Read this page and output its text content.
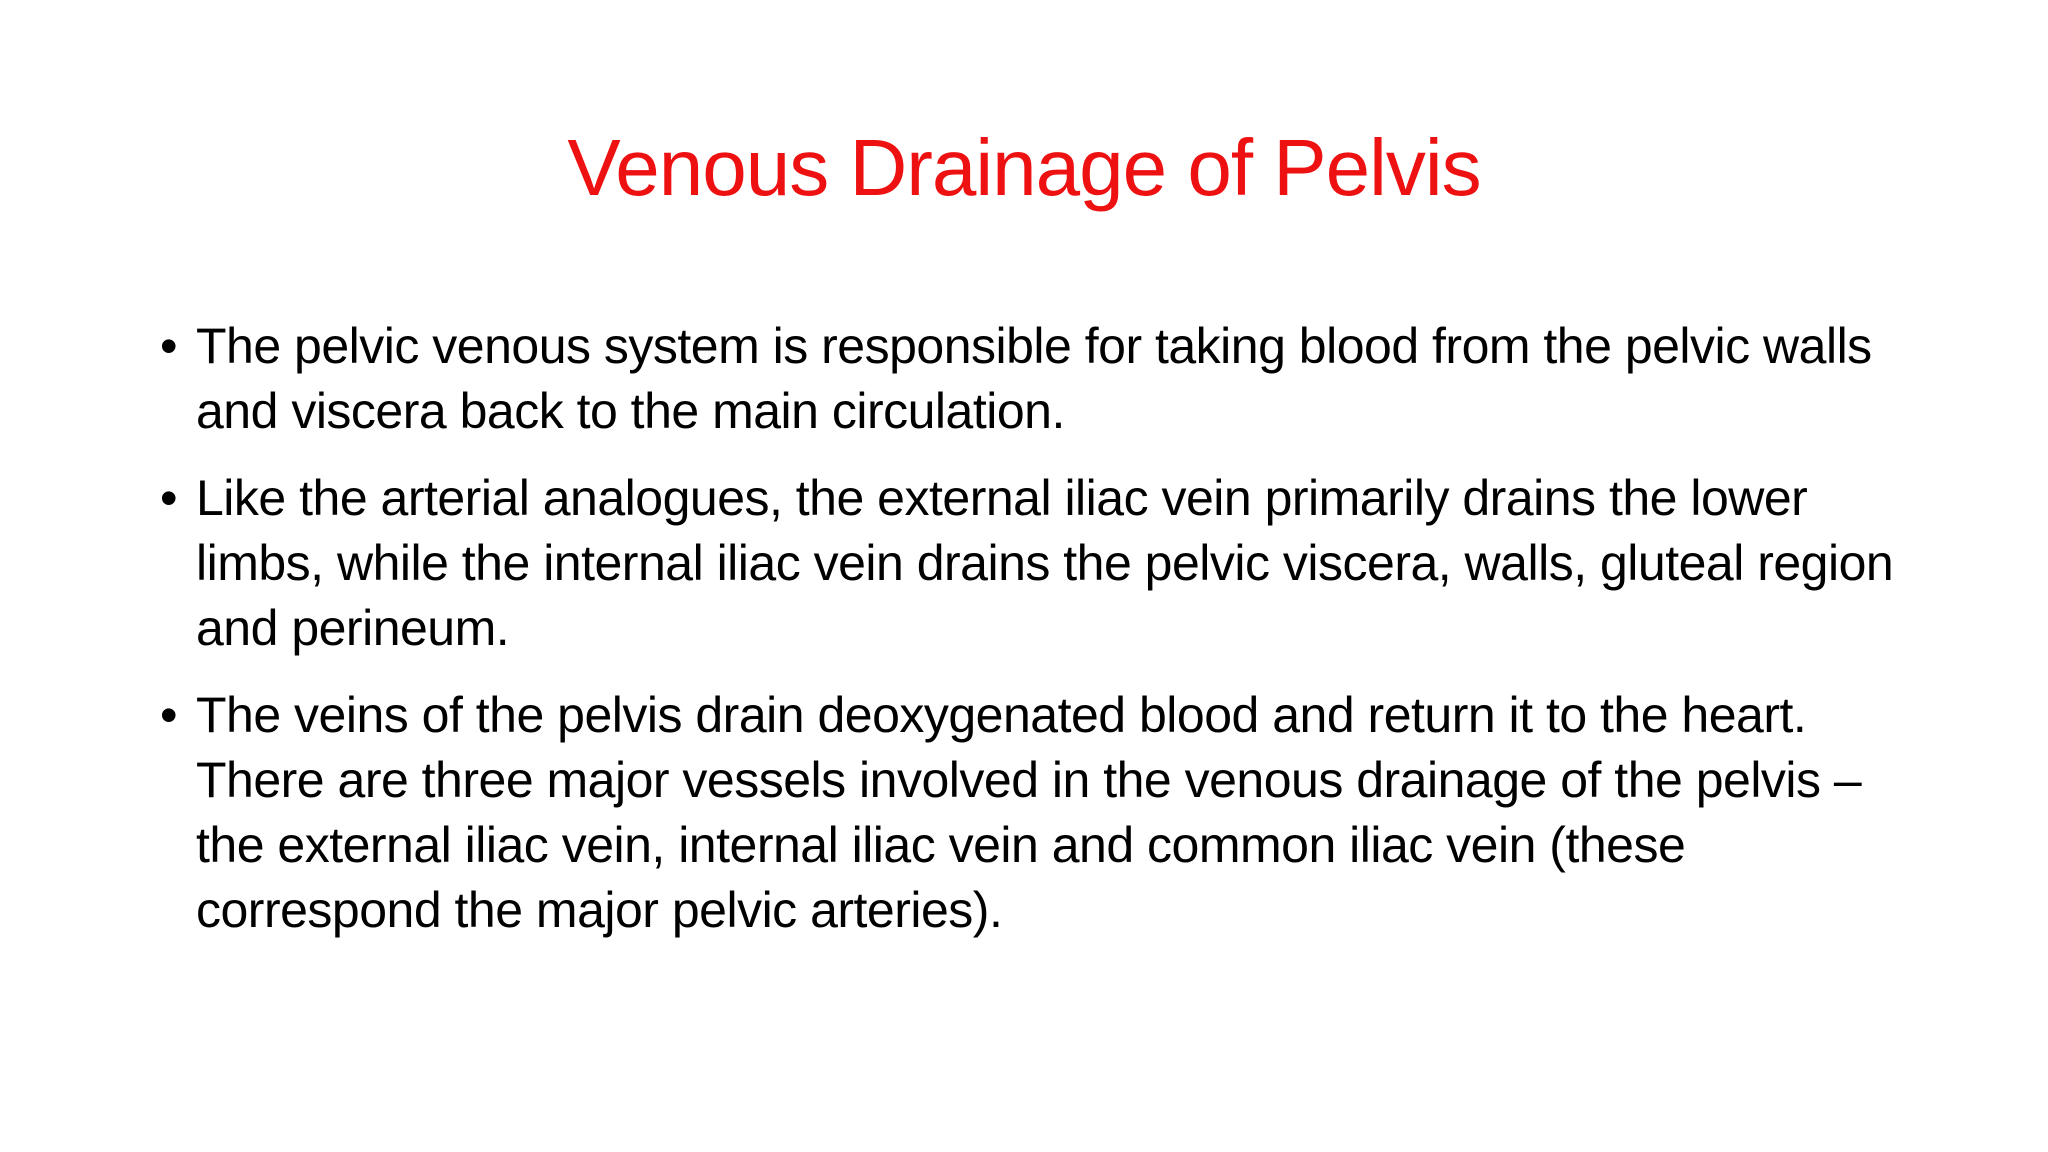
Venous Drainage of Pelvis
• The pelvic venous system is responsible for taking blood from the pelvic walls and viscera back to the main circulation.
• Like the arterial analogues, the external iliac vein primarily drains the lower limbs, while the internal iliac vein drains the pelvic viscera, walls, gluteal region and perineum.
• The veins of the pelvis drain deoxygenated blood and return it to the heart. There are three major vessels involved in the venous drainage of the pelvis – the external iliac vein, internal iliac vein and common iliac vein (these correspond the major pelvic arteries).
